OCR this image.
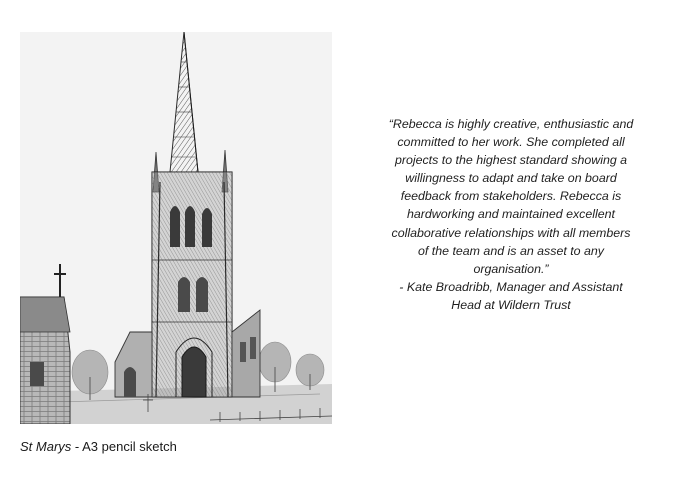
St Marys - A3 pencil sketch

“Rebecca is highly creative, enthusiastic and committed to her work. She completed all projects to the highest standard showing a willingness to adapt and take on board feedback from stakeholders. Rebecca is hardworking and maintained excellent collaborative relationships with all members of the team and is an asset to any organisation.”

- Kate Broadribb, Manager and Assistant Head at Wildern Trust
